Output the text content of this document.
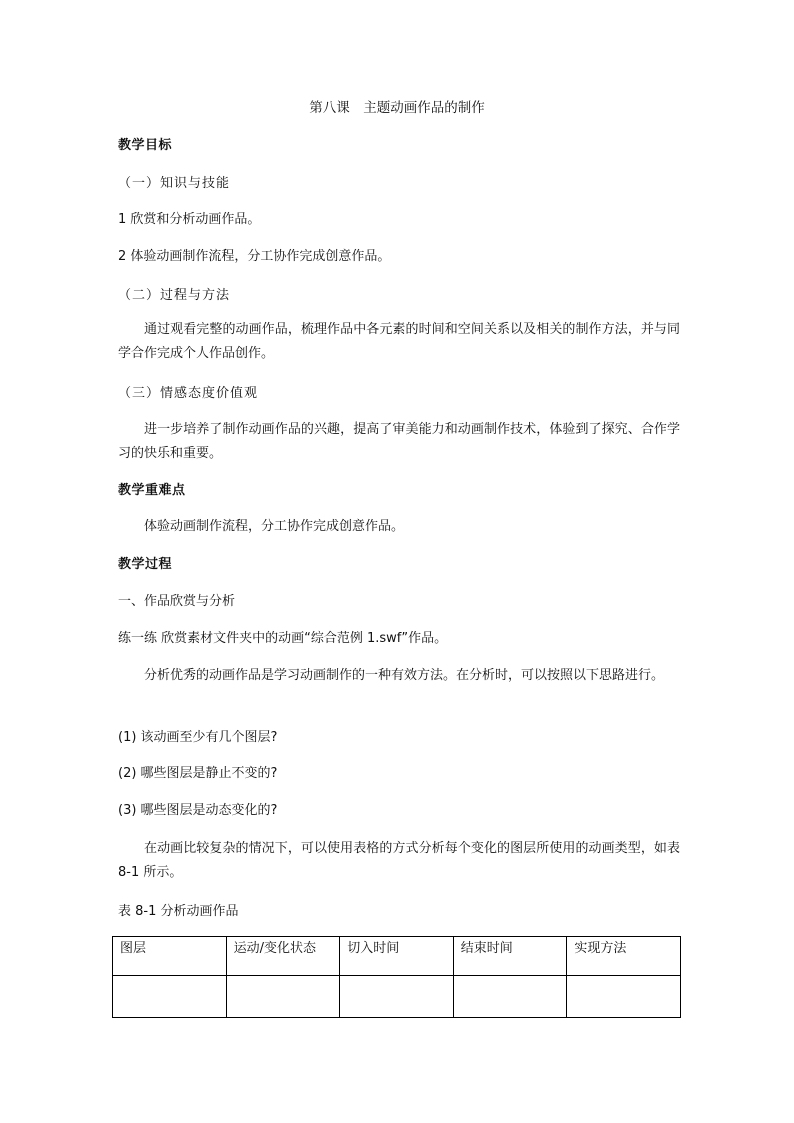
第八课　主题动画作品的制作
教学目标
（一）知识与技能
1 欣赏和分析动画作品。
2 体验动画制作流程，分工协作完成创意作品。
（二）过程与方法
通过观看完整的动画作品，梳理作品中各元素的时间和空间关系以及相关的制作方法，并与同学合作完成个人作品创作。
（三）情感态度价值观
进一步培养了制作动画作品的兴趣，提高了审美能力和动画制作技术，体验到了探究、合作学习的快乐和重要。
教学重难点
体验动画制作流程，分工协作完成创意作品。
教学过程
一、作品欣赏与分析
练一练 欣赏素材文件夹中的动画“综合范例 1.swf”作品。
分析优秀的动画作品是学习动画制作的一种有效方法。在分析时，可以按照以下思路进行。
(1) 该动画至少有几个图层?
(2) 哪些图层是静止不变的?
(3) 哪些图层是动态变化的?
在动画比较复杂的情况下，可以使用表格的方式分析每个变化的图层所使用的动画类型，如表 8-1 所示。
表 8-1 分析动画作品
图层	运动/变化状态	切入时间	结束时间	实现方法
